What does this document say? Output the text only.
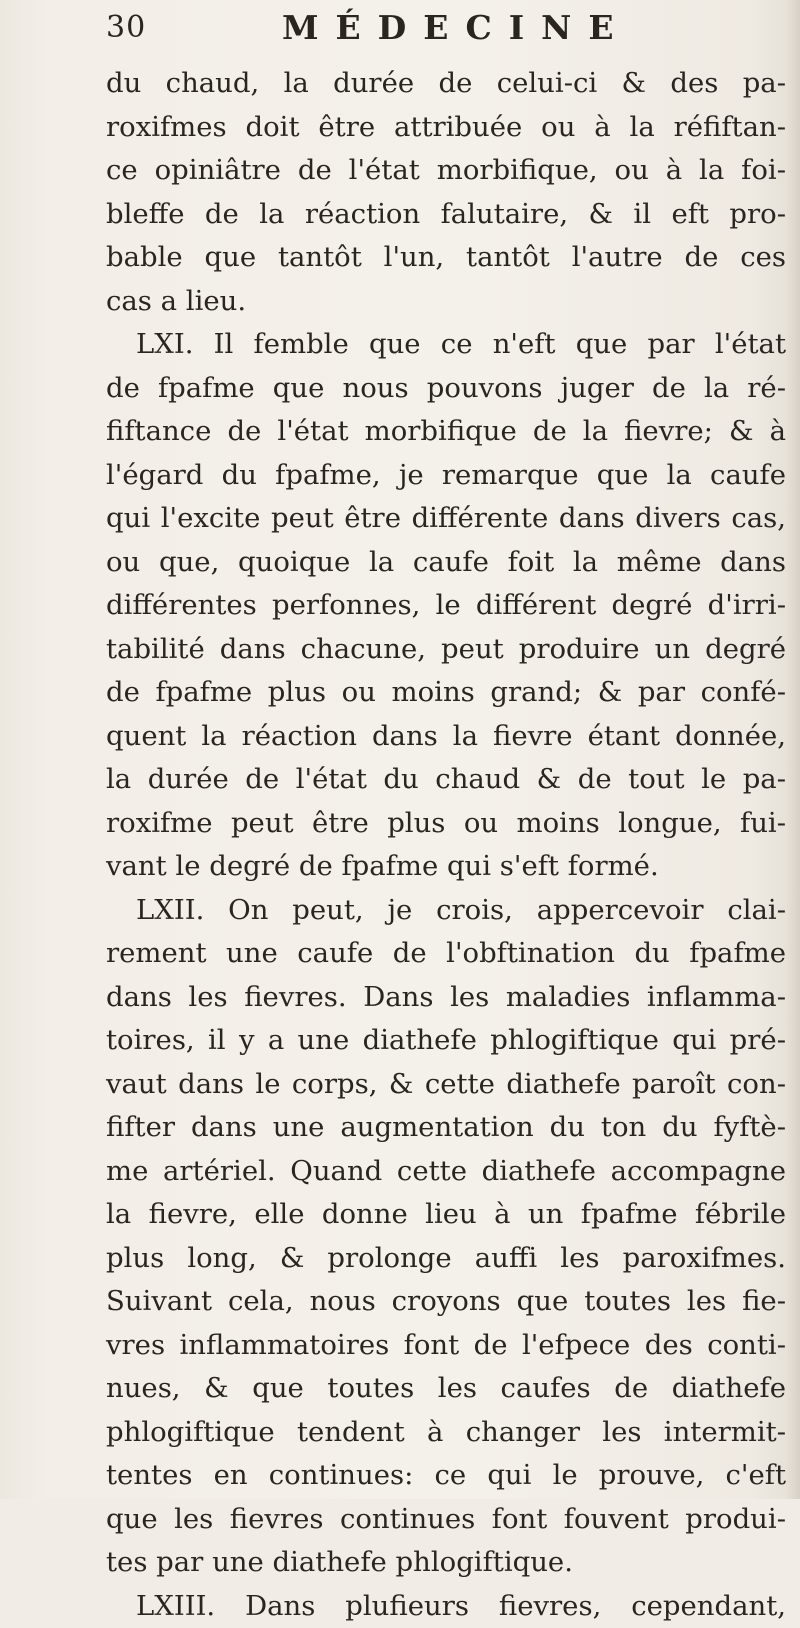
30	MÉDECINE
du chaud, la durée de celui-ci & des pa-
roxifmes doit être attribuée ou à la réfiftan-
ce opiniâtre de l'état morbifique, ou à la foi-
bleffe de la réaction falutaire, & il eft pro-
bable que tantôt l'un, tantôt l'autre de ces
cas a lieu.
LXI. Il femble que ce n'eft que par l'état
de fpafme que nous pouvons juger de la ré-
fiftance de l'état morbifique de la fievre; & à
l'égard du fpafme, je remarque que la caufe
qui l'excite peut être différente dans divers cas,
ou que, quoique la caufe foit la même dans
différentes perfonnes, le différent degré d'irri-
tabilité dans chacune, peut produire un degré
de fpafme plus ou moins grand; & par confé-
quent la réaction dans la fievre étant donnée,
la durée de l'état du chaud & de tout le pa-
roxifme peut être plus ou moins longue, fui-
vant le degré de fpafme qui s'eft formé.
LXII. On peut, je crois, appercevoir clai-
rement une caufe de l'obftination du fpafme
dans les fievres. Dans les maladies inflamma-
toires, il y a une diathefe phlogiftique qui pré-
vaut dans le corps, & cette diathefe paroît con-
fifter dans une augmentation du ton du fyftè-
me artériel. Quand cette diathefe accompagne
la fievre, elle donne lieu à un fpafme fébrile
plus long, & prolonge auffi les paroxifmes.
Suivant cela, nous croyons que toutes les fie-
vres inflammatoires font de l'efpece des conti-
nues, & que toutes les caufes de diathefe
phlogiftique tendent à changer les intermit-
tentes en continues: ce qui le prouve, c'eft
que les fievres continues font fouvent produi-
tes par une diathefe phlogiftique.
LXIII. Dans plufieurs fievres, cependant,
